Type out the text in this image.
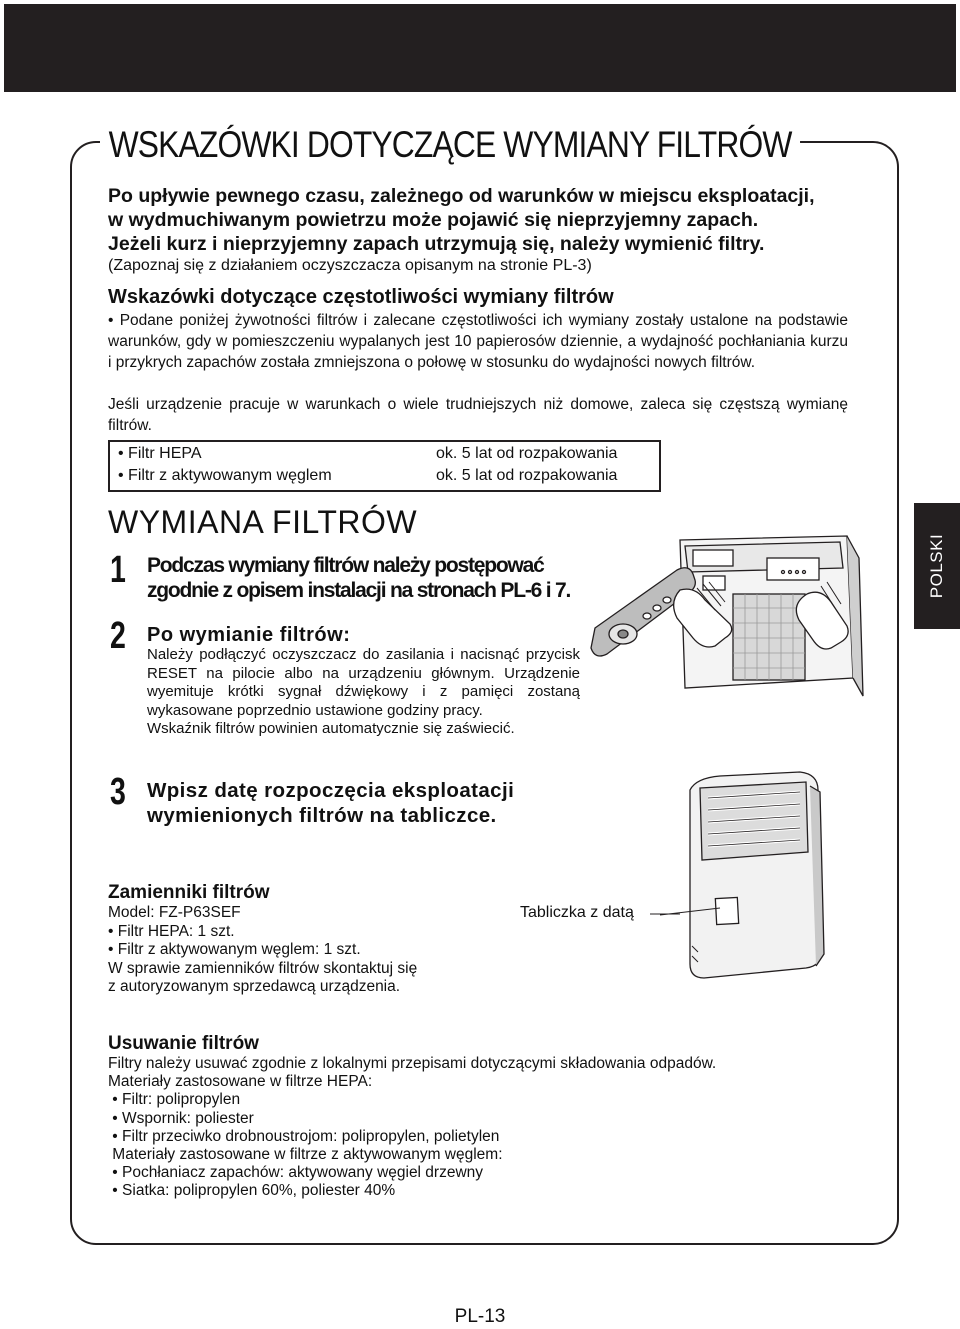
WSKAZÓWKI DOTYCZĄCE WYMIANY FILTRÓW
Po upływie pewnego czasu, zależnego od warunków w miejscu eksploatacji,
w wydmuchiwanym powietrzu może pojawić się nieprzyjemny zapach.
Jeżeli kurz i nieprzyjemny zapach utrzymują się, należy wymienić filtry.
(Zapoznaj się z działaniem oczyszczacza opisanym na stronie PL-3)
Wskazówki dotyczące częstotliwości wymiany filtrów

• Podane poniżej żywotności filtrów i zalecane częstotliwości ich wymiany zostały ustalone na podstawie warunków, gdy w pomieszczeniu wypalanych jest 10 papierosów dziennie, a wydajność pochłaniania kurzu i przykrych zapachów została zmniejszona o połowę w stosunku do wydajności nowych filtrów.

Jeśli urządzenie pracuje w warunkach o wiele trudniejszych niż domowe, zaleca się częstszą wymianę filtrów.

• Filtr HEPA	ok. 5 lat od rozpakowania
• Filtr z aktywowanym węglem	ok. 5 lat od rozpakowania
WYMIANA FILTRÓW
1 Podczas wymiany filtrów należy postępować zgodnie z opisem instalacji na stronach PL-6 i 7.
2 Po wymianie filtrów:
Należy podłączyć oczyszczacz do zasilania i nacisnąć przycisk RESET na pilocie albo na urządzeniu głównym. Urządzenie wyemituje krótki sygnał dźwiękowy i z pamięci zostaną wykasowane poprzednio ustawione godziny pracy.
Wskaźnik filtrów powinien automatycznie się zaświecić.
3 Wpisz datę rozpoczęcia eksploatacji wymienionych filtrów na tabliczce.
POLSKI
Zamienniki filtrów
Model: FZ-P63SEF
• Filtr HEPA: 1 szt.
• Filtr z aktywowanym węglem: 1 szt.
W sprawie zamienników filtrów skontaktuj się
z autoryzowanym sprzedawcą urządzenia.
Tabliczka z datą
Usuwanie filtrów
Filtry należy usuwać zgodnie z lokalnymi przepisami dotyczącymi składowania odpadów.
Materiały zastosowane w filtrze HEPA:
• Filtr: polipropylen
• Wspornik: poliester
• Filtr przeciwko drobnoustrojom: polipropylen, polietylen
Materiały zastosowane w filtrze z aktywowanym węglem:
• Pochłaniacz zapachów: aktywowany węgiel drzewny
• Siatka: polipropylen 60%, poliester 40%
PL-13
